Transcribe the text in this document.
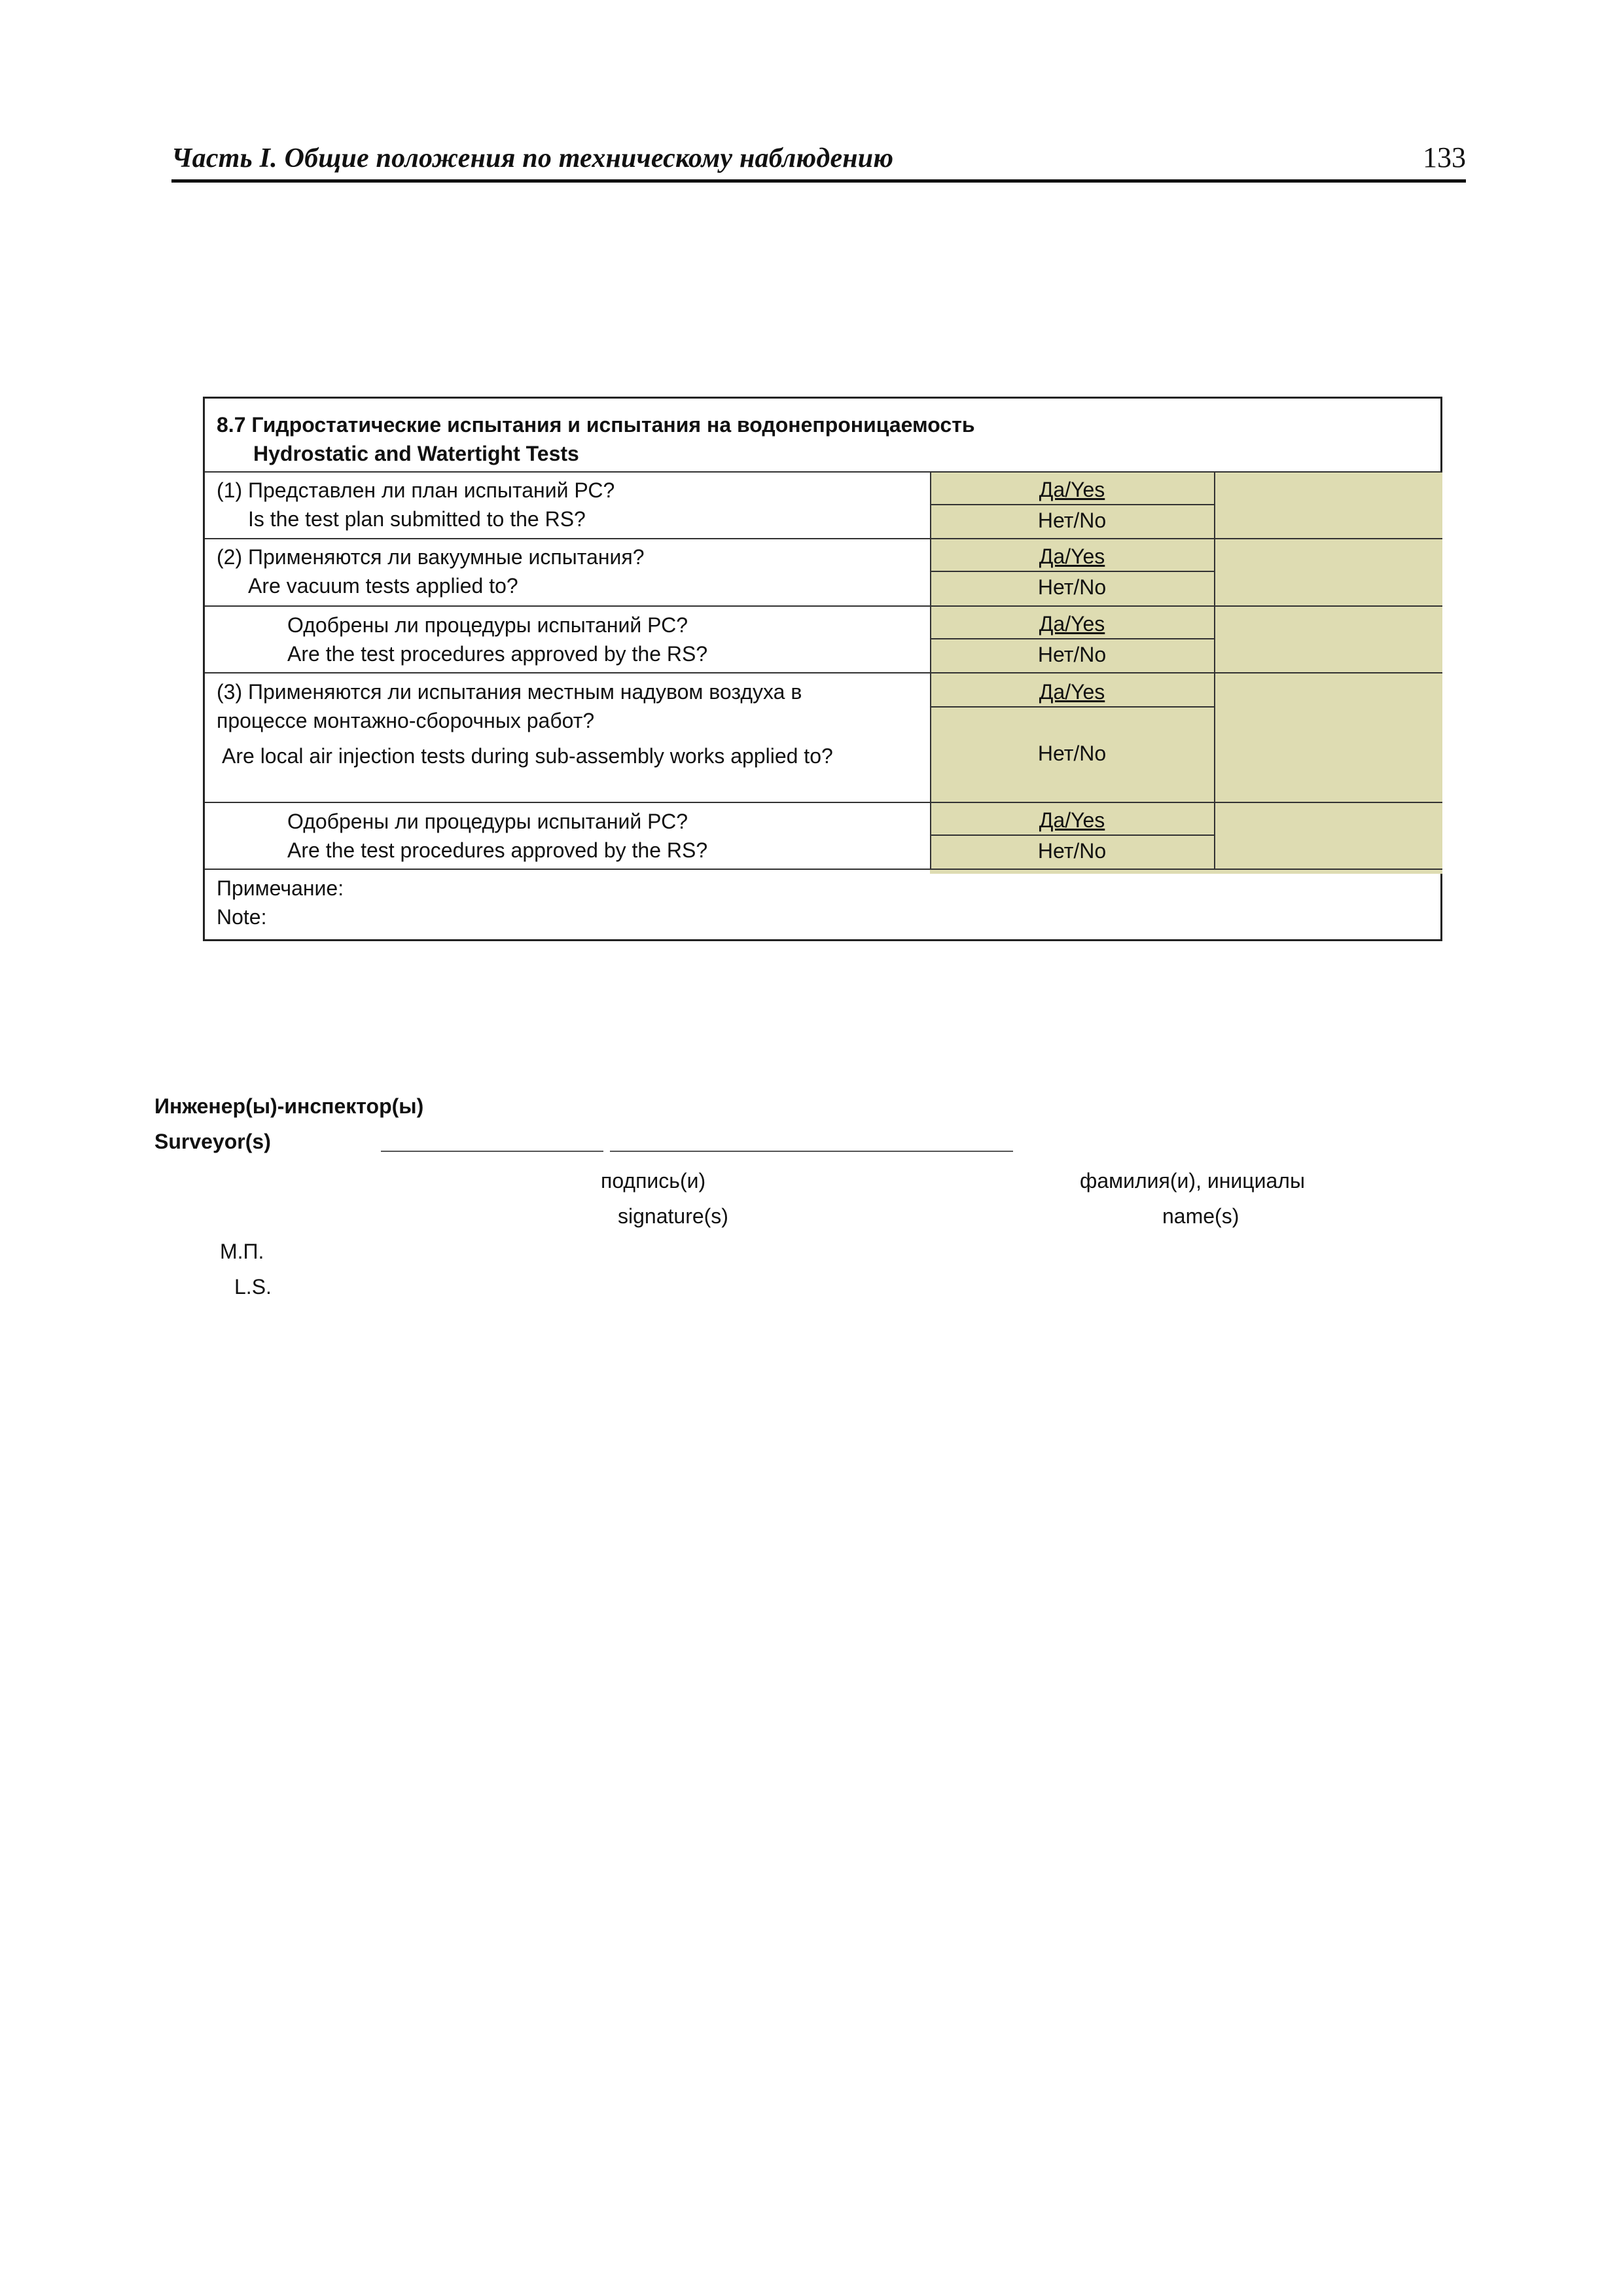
Часть I. Общие положения по техническому наблюдению	133
8.7 Гидростатические испытания и испытания на водонепроницаемость
Hydrostatic and Watertight Tests
(1) Представлен ли план испытаний РС?
Is the test plan submitted to the RS?
Да/Yes
Нет/No
(2) Применяются ли вакуумные испытания?
Are vacuum tests applied to?
Да/Yes
Нет/No
Одобрены ли процедуры испытаний РС?
Are the test procedures approved by the RS?
Да/Yes
Нет/No
(3) Применяются ли испытания местным надувом воздуха в
процессе монтажно-сборочных работ?
Are local air injection tests during sub-assembly works applied to?
Да/Yes
Нет/No
Одобрены ли процедуры испытаний РС?
Are the test procedures approved by the RS?
Да/Yes
Нет/No
Примечание:
Note:
Инженер(ы)-инспектор(ы)
Surveyor(s)
подпись(и)
signature(s)
фамилия(и), инициалы
name(s)
М.П.
L.S.
